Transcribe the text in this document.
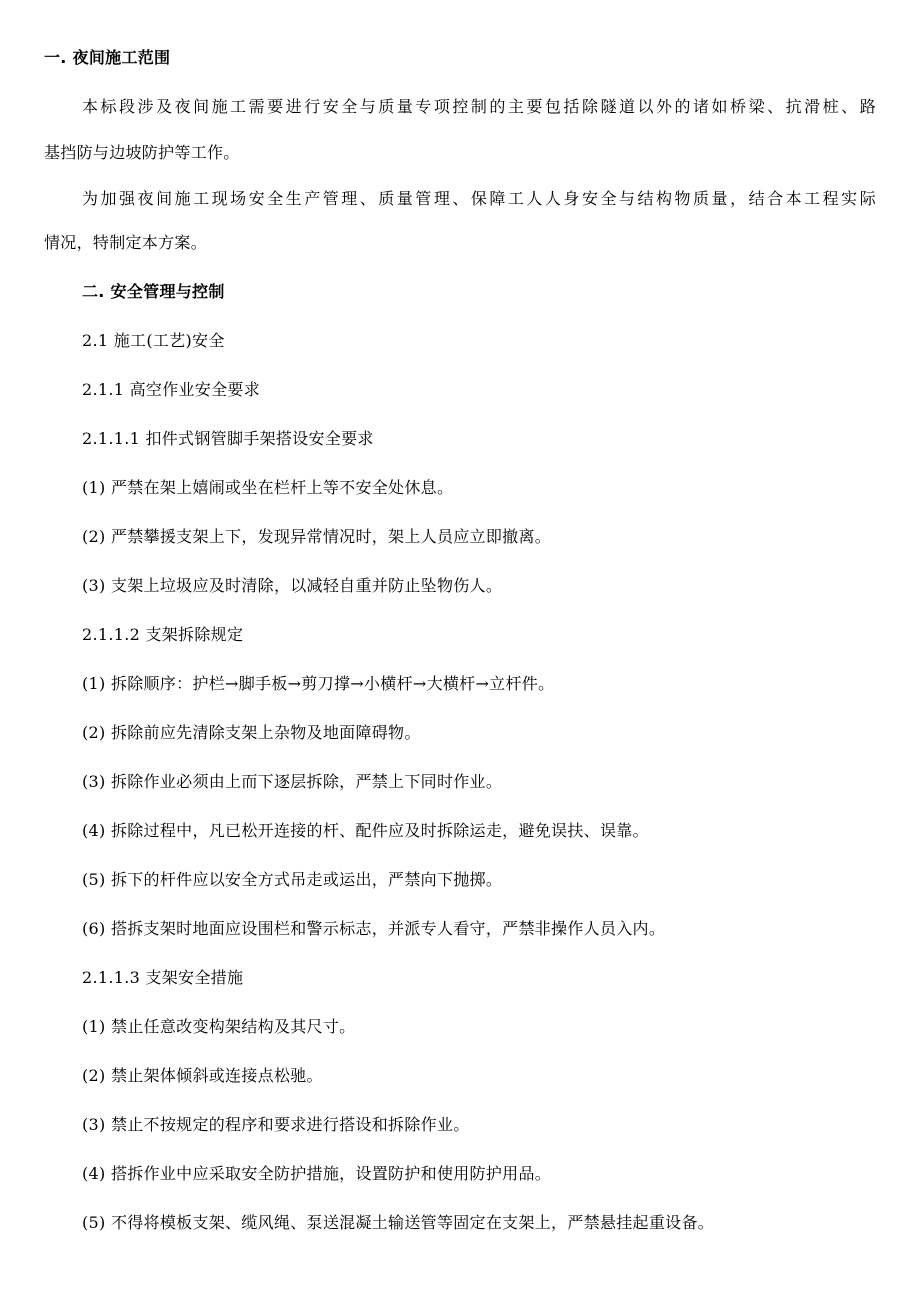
一. 夜间施工范围
本标段涉及夜间施工需要进行安全与质量专项控制的主要包括除隧道以外的诸如桥梁、抗滑桩、路
基挡防与边坡防护等工作。
为加强夜间施工现场安全生产管理、质量管理、保障工人人身安全与结构物质量，结合本工程实际
情况，特制定本方案。
二. 安全管理与控制
2.1 施工(工艺)安全
2.1.1 高空作业安全要求
2.1.1.1 扣件式钢管脚手架搭设安全要求
(1) 严禁在架上嬉闹或坐在栏杆上等不安全处休息。
(2) 严禁攀援支架上下，发现异常情况时，架上人员应立即撤离。
(3) 支架上垃圾应及时清除，以减轻自重并防止坠物伤人。
2.1.1.2 支架拆除规定
(1) 拆除顺序：护栏→脚手板→剪刀撑→小横杆→大横杆→立杆件。
(2) 拆除前应先清除支架上杂物及地面障碍物。
(3) 拆除作业必须由上而下逐层拆除，严禁上下同时作业。
(4) 拆除过程中，凡已松开连接的杆、配件应及时拆除运走，避免误扶、误靠。
(5) 拆下的杆件应以安全方式吊走或运出，严禁向下抛掷。
(6) 搭拆支架时地面应设围栏和警示标志，并派专人看守，严禁非操作人员入内。
2.1.1.3 支架安全措施
(1) 禁止任意改变构架结构及其尺寸。
(2) 禁止架体倾斜或连接点松驰。
(3) 禁止不按规定的程序和要求进行搭设和拆除作业。
(4) 搭拆作业中应采取安全防护措施，设置防护和使用防护用品。
(5) 不得将模板支架、缆风绳、泵送混凝土输送管等固定在支架上，严禁悬挂起重设备。
